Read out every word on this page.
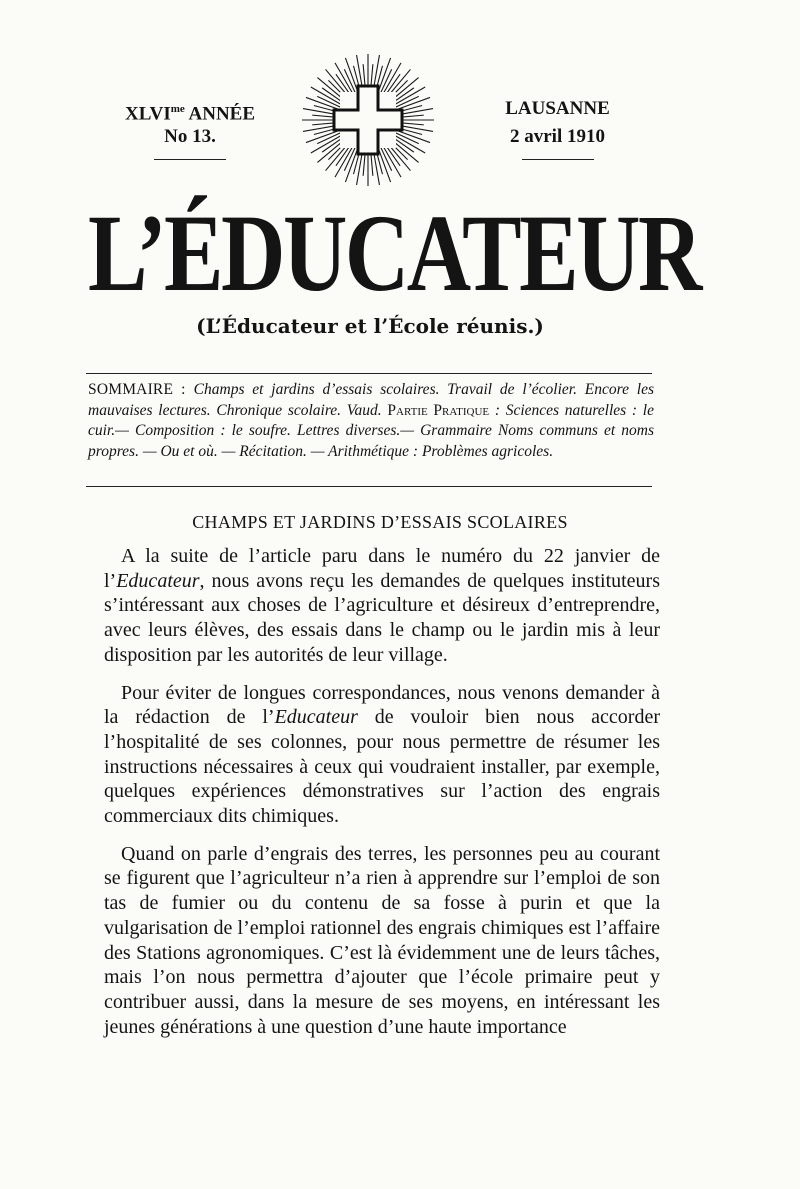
$XLVI^{me}$ ANNÉE
No 13.
LAUSANNE
2 avril 1910
L’ÉDUCATEUR
(L’Éducateur et l’École réunis.)
SOMMAIRE : Champs et jardins d’essais scolaires. Travail de l’écolier. Encore les mauvaises lectures. Chronique scolaire. Vaud. Partie Pratique : Sciences naturelles : le cuir.— Composition : le soufre. Lettres diverses.— Grammaire Noms communs et noms propres. — Ou et où. — Récitation. — Arithmétique : Problèmes agricoles.
CHAMPS ET JARDINS D’ESSAIS SCOLAIRES

A la suite de l’article paru dans le numéro du 22 janvier de l’Educateur, nous avons reçu les demandes de quelques instituteurs s’intéressant aux choses de l’agriculture et désireux d’entreprendre, avec leurs élèves, des essais dans le champ ou le jardin mis à leur disposition par les autorités de leur village.

Pour éviter de longues correspondances, nous venons demander à la rédaction de l’Educateur de vouloir bien nous accorder l’hospitalité de ses colonnes, pour nous permettre de résumer les instructions nécessaires à ceux qui voudraient installer, par exemple, quelques expériences démonstratives sur l’action des engrais commerciaux dits chimiques.

Quand on parle d’engrais des terres, les personnes peu au courant se figurent que l’agriculteur n’a rien à apprendre sur l’emploi de son tas de fumier ou du contenu de sa fosse à purin et que la vulgarisation de l’emploi rationnel des engrais chimiques est l’affaire des Stations agronomiques. C’est là évidemment une de leurs tâches, mais l’on nous permettra d’ajouter que l’école primaire peut y contribuer aussi, dans la mesure de ses moyens, en intéressant les jeunes générations à une question d’une haute importance
